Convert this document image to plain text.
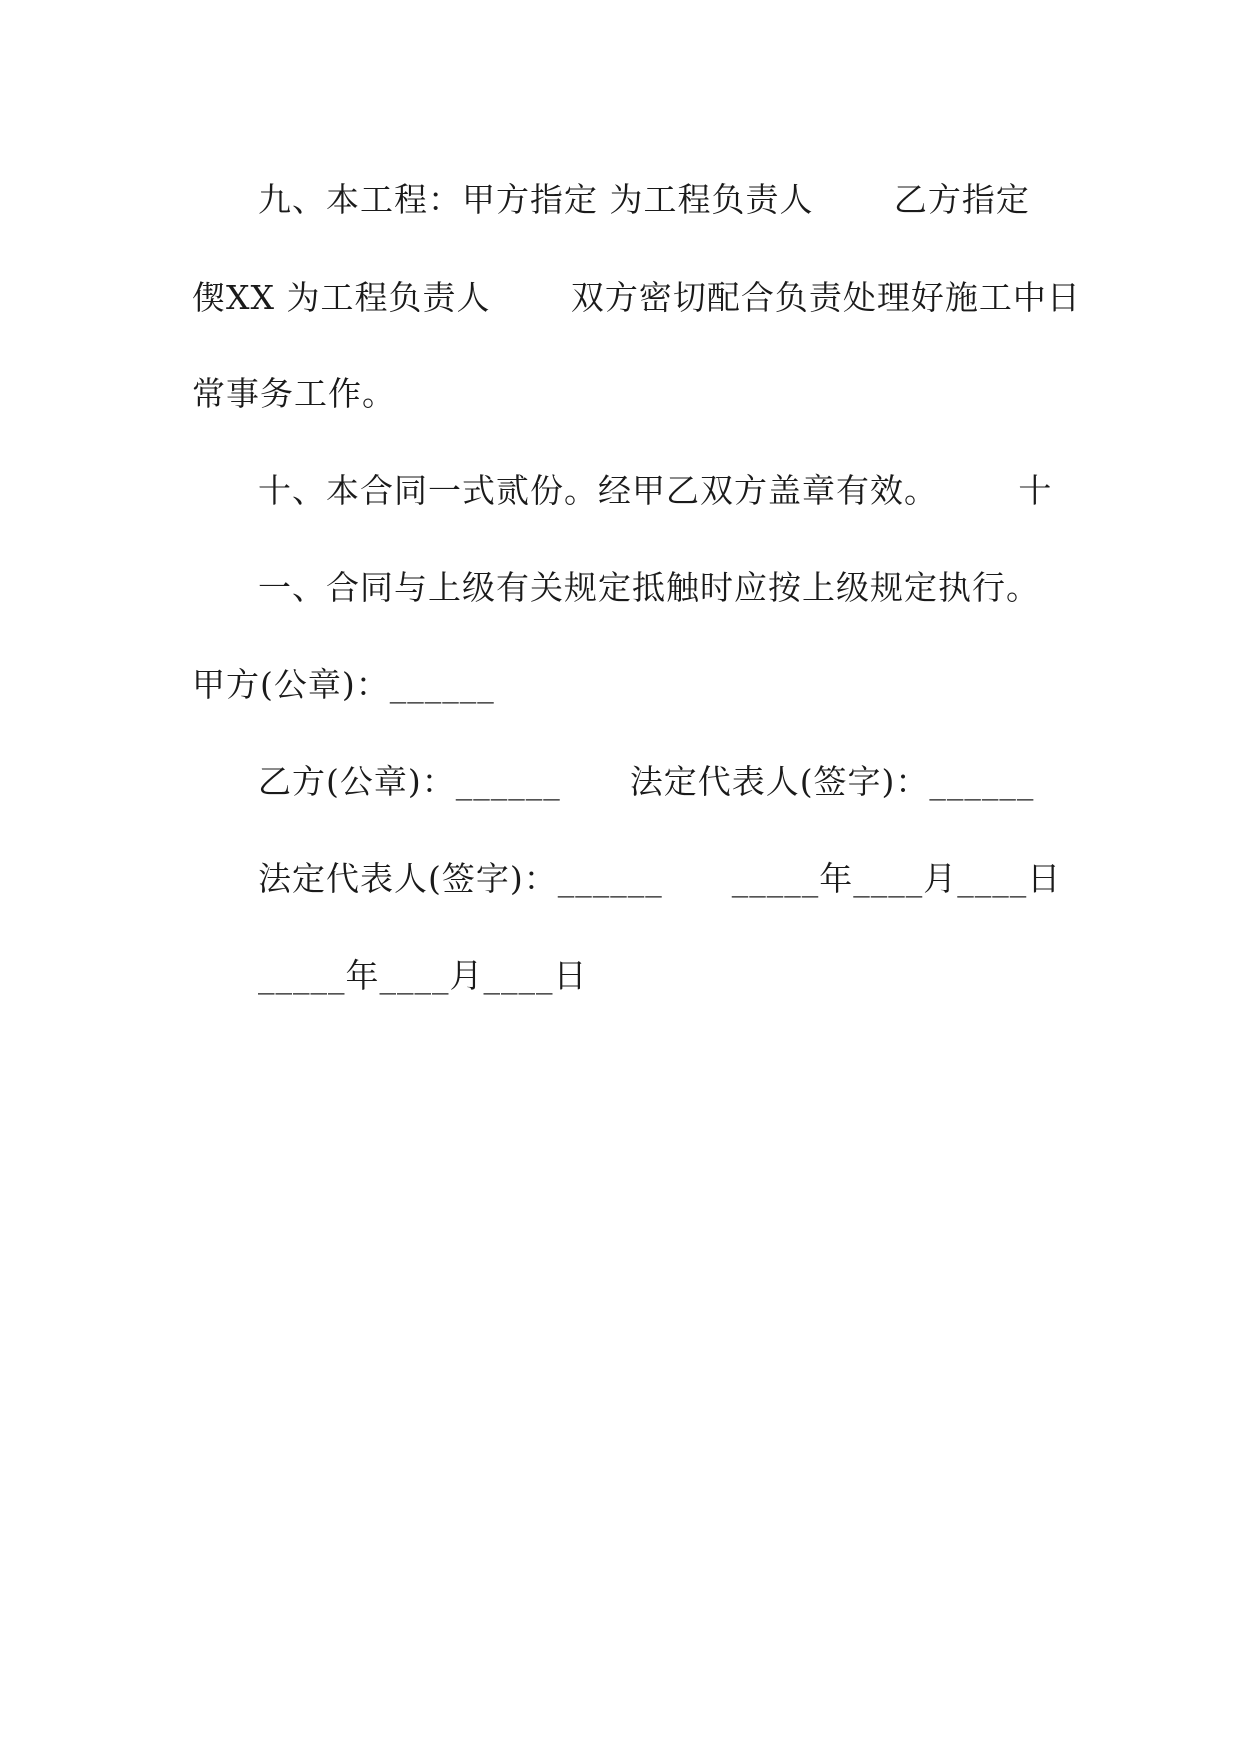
九、本工程：甲方指定 为工程负责人       乙方指定
偰XX 为工程负责人       双方密切配合负责处理好施工中日
常事务工作。
十、本合同一式贰份。经甲乙双方盖章有效。       十
一、合同与上级有关规定抵触时应按上级规定执行。
甲方(公章)：______
乙方(公章)：______      法定代表人(签字)：______
法定代表人(签字)：______      _____年____月____日
_____年____月____日
